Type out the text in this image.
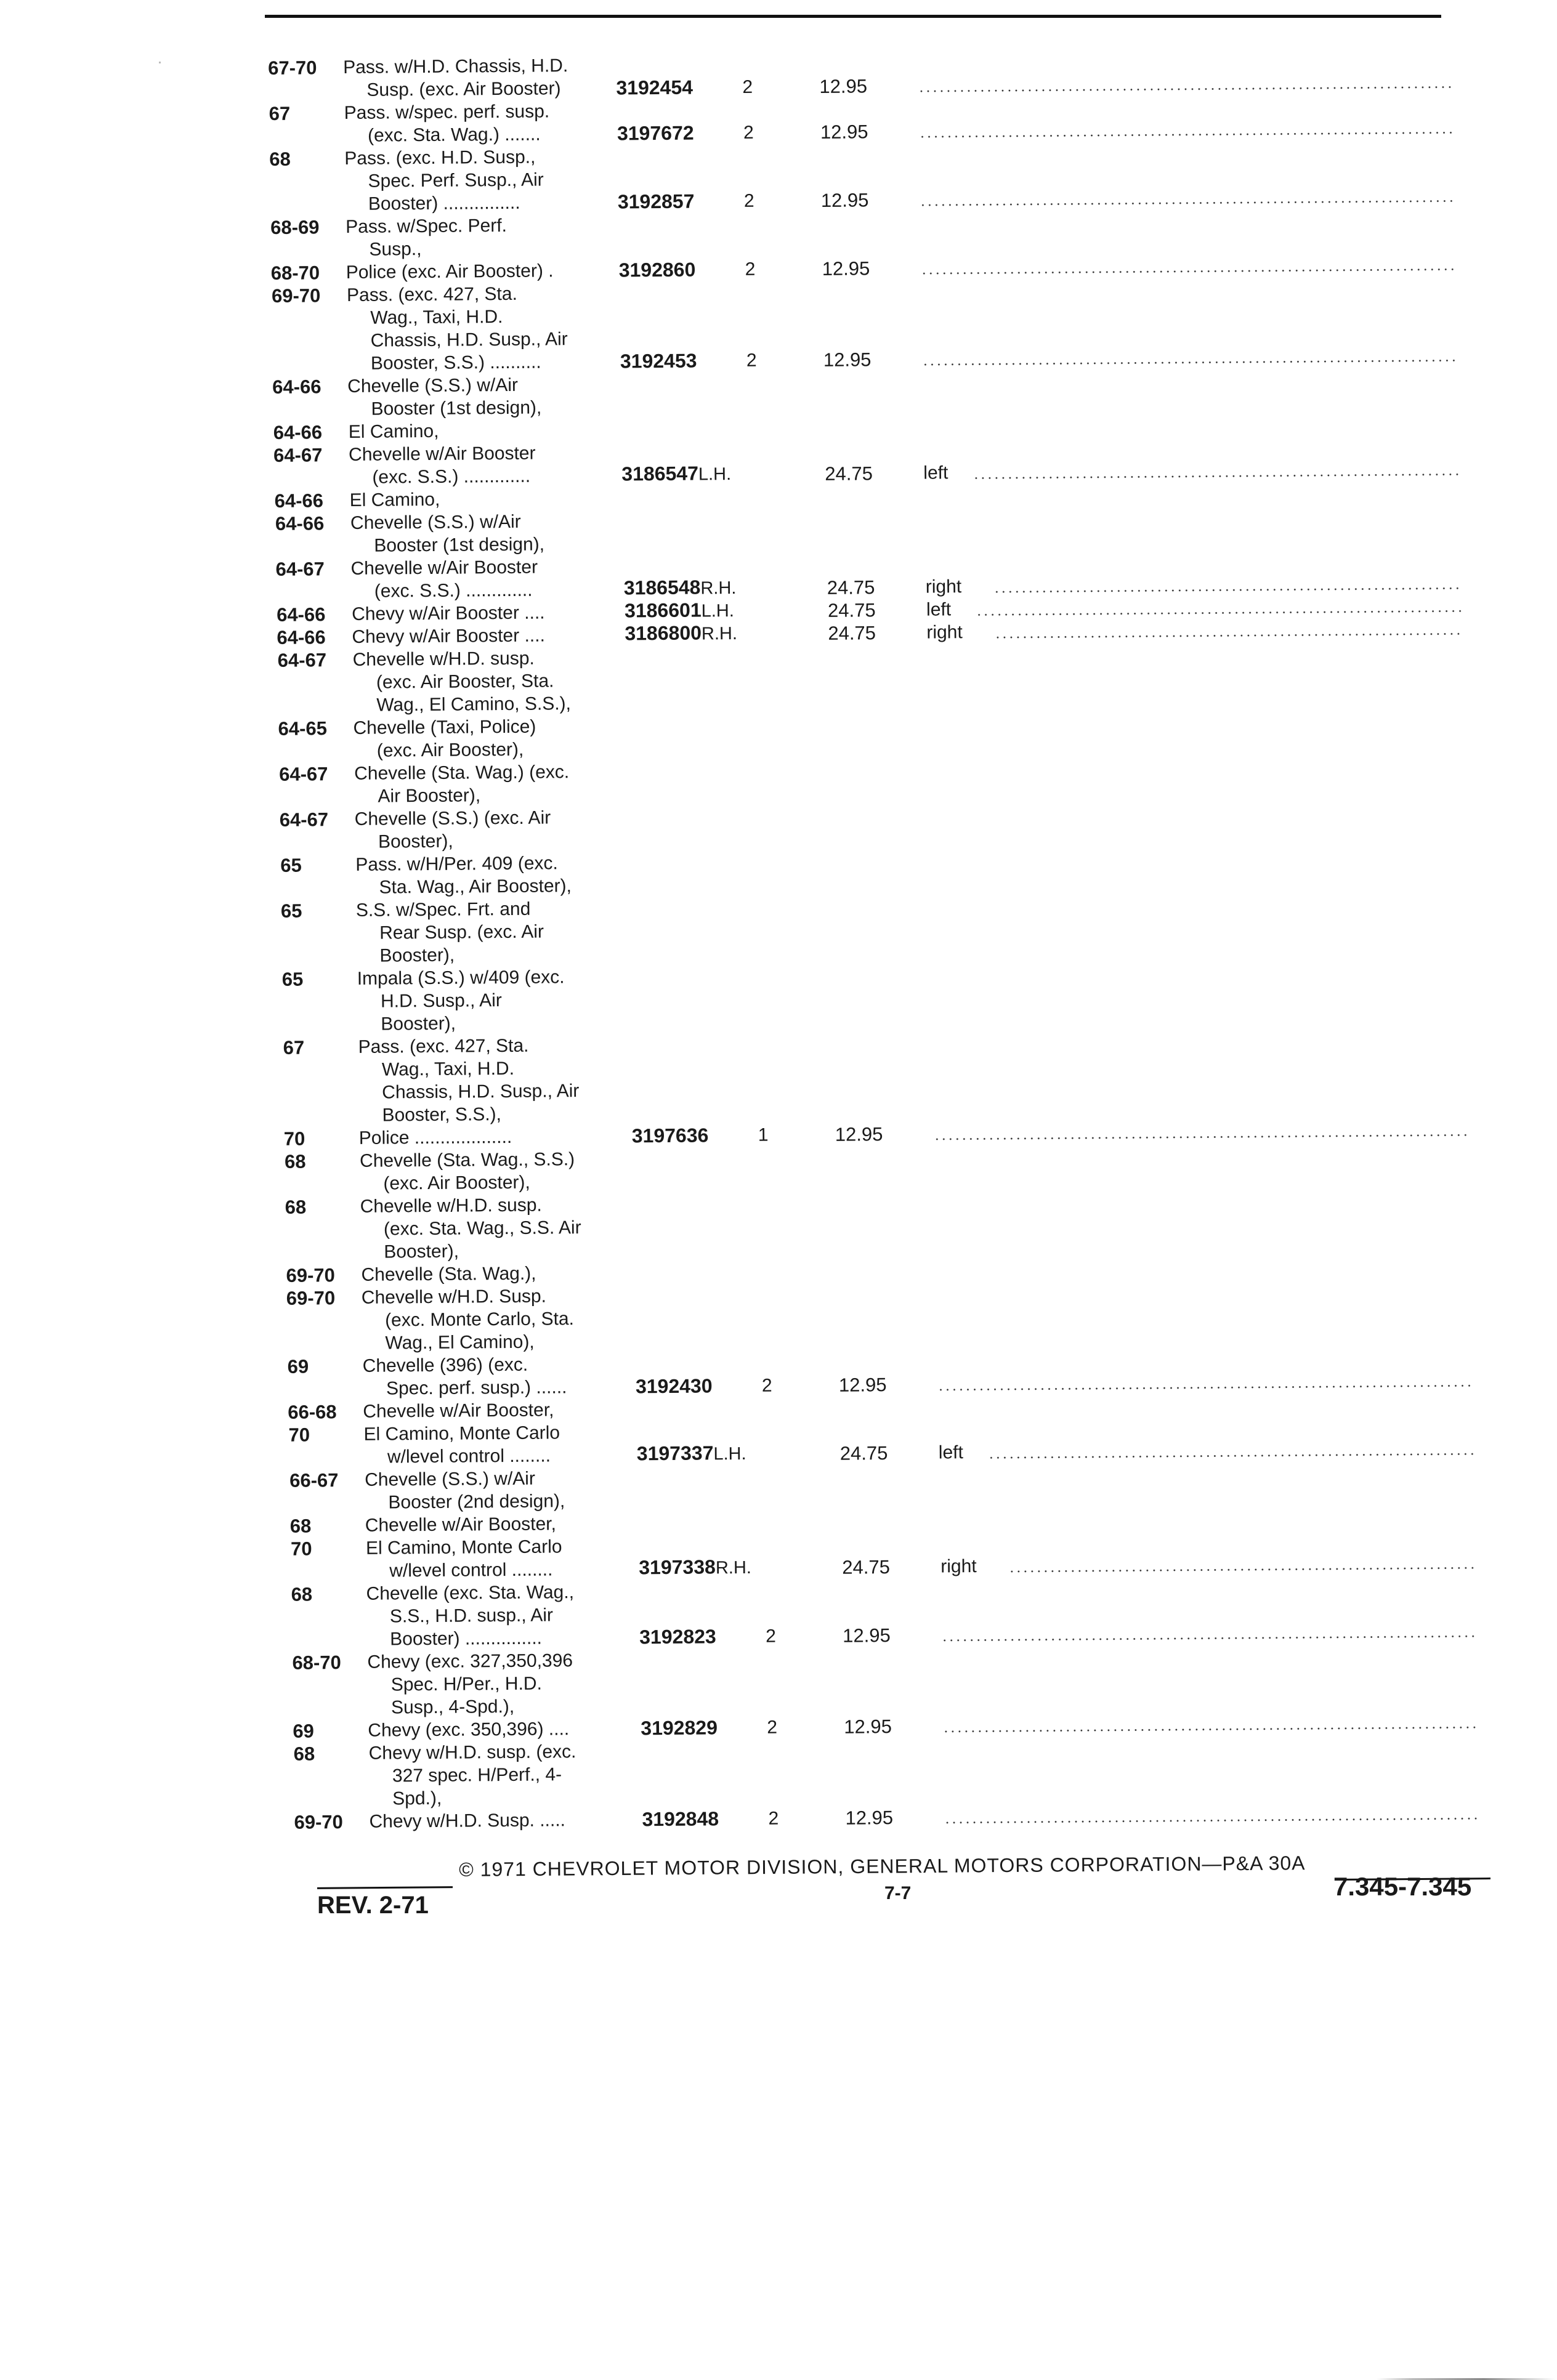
67-70	Pass. w/H.D. Chassis, H.D.
Susp. (exc. Air Booster)	3192454	2	12.95
67	Pass. w/spec. perf. susp.
(exc. Sta. Wag.) .......	3197672	2	12.95
68	Pass. (exc. H.D. Susp.,
Spec. Perf. Susp., Air
Booster) ...............	3192857	2	12.95
68-69	Pass. w/Spec. Perf.
Susp.,
68-70	Police (exc. Air Booster) .	3192860	2	12.95
69-70	Pass. (exc. 427, Sta.
Wag., Taxi, H.D.
Chassis, H.D. Susp., Air
Booster, S.S.) ..........	3192453	2	12.95
64-66	Chevelle (S.S.) w/Air
Booster (1st design),
64-66	El Camino,
64-67	Chevelle w/Air Booster
(exc. S.S.) .............	3186547L.H.	24.75	left
64-66	El Camino,
64-66	Chevelle (S.S.) w/Air
Booster (1st design),
64-67	Chevelle w/Air Booster
(exc. S.S.) .............	3186548R.H.	24.75	right
64-66	Chevy w/Air Booster ....	3186601L.H.	24.75	left
64-66	Chevy w/Air Booster ....	3186800R.H.	24.75	right
64-67	Chevelle w/H.D. susp.
(exc. Air Booster, Sta.
Wag., El Camino, S.S.),
64-65	Chevelle (Taxi, Police)
(exc. Air Booster),
64-67	Chevelle (Sta. Wag.) (exc.
Air Booster),
64-67	Chevelle (S.S.) (exc. Air
Booster),
65	Pass. w/H/Per. 409 (exc.
Sta. Wag., Air Booster),
65	S.S. w/Spec. Frt. and
Rear Susp. (exc. Air
Booster),
65	Impala (S.S.) w/409 (exc.
H.D. Susp., Air
Booster),
67	Pass. (exc. 427, Sta.
Wag., Taxi, H.D.
Chassis, H.D. Susp., Air
Booster, S.S.),
70	Police ...................	3197636	1	12.95
68	Chevelle (Sta. Wag., S.S.)
(exc. Air Booster),
68	Chevelle w/H.D. susp.
(exc. Sta. Wag., S.S. Air
Booster),
69-70	Chevelle (Sta. Wag.),
69-70	Chevelle w/H.D. Susp.
(exc. Monte Carlo, Sta.
Wag., El Camino),
69	Chevelle (396) (exc.
Spec. perf. susp.) ......	3192430	2	12.95
66-68	Chevelle w/Air Booster,
70	El Camino, Monte Carlo
w/level control ........	3197337L.H.	24.75	left
66-67	Chevelle (S.S.) w/Air
Booster (2nd design),
68	Chevelle w/Air Booster,
70	El Camino, Monte Carlo
w/level control ........	3197338R.H.	24.75	right
68	Chevelle (exc. Sta. Wag.,
S.S., H.D. susp., Air
Booster) ...............	3192823	2	12.95
68-70	Chevy (exc. 327,350,396
Spec. H/Per., H.D.
Susp., 4-Spd.),
69	Chevy (exc. 350,396) ....	3192829	2	12.95
68	Chevy w/H.D. susp. (exc.
327 spec. H/Perf., 4-
Spd.),
69-70	Chevy w/H.D. Susp. .....	3192848	2	12.95
© 1971 CHEVROLET MOTOR DIVISION, GENERAL MOTORS CORPORATION—P&A 30A
REV. 2-71	7-7	7.345-7.345
